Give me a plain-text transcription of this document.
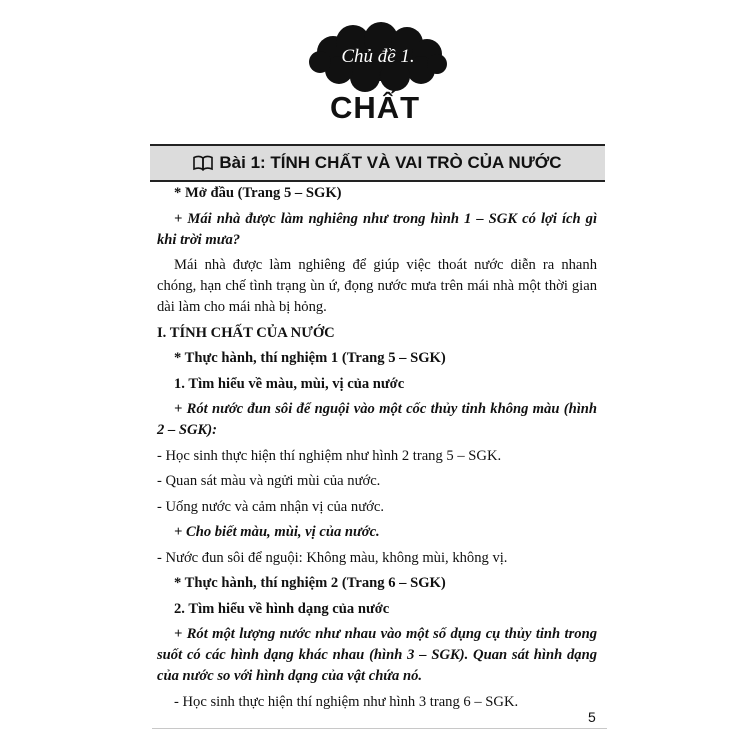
Chủ đề 1.
CHẤT
Bài 1: TÍNH CHẤT VÀ VAI TRÒ CỦA NƯỚC

* Mở đầu (Trang 5 – SGK)

+ Mái nhà được làm nghiêng như trong hình 1 – SGK có lợi ích gì khi trời mưa?

Mái nhà được làm nghiêng để giúp việc thoát nước diễn ra nhanh chóng, hạn chế tình trạng ùn ứ, đọng nước mưa trên mái nhà một thời gian dài làm cho mái nhà bị hỏng.

I. TÍNH CHẤT CỦA NƯỚC

* Thực hành, thí nghiệm 1 (Trang 5 – SGK)

1. Tìm hiểu về màu, mùi, vị của nước

+ Rót nước đun sôi để nguội vào một cốc thủy tinh không màu (hình 2 – SGK):

- Học sinh thực hiện thí nghiệm như hình 2 trang 5 – SGK.

- Quan sát màu và ngửi mùi của nước.

- Uống nước và cảm nhận vị của nước.

+ Cho biết màu, mùi, vị của nước.

- Nước đun sôi để nguội: Không màu, không mùi, không vị.

* Thực hành, thí nghiệm 2 (Trang 6 – SGK)

2. Tìm hiểu về hình dạng của nước

+ Rót một lượng nước như nhau vào một số dụng cụ thủy tinh trong suốt có các hình dạng khác nhau (hình 3 – SGK). Quan sát hình dạng của nước so với hình dạng của vật chứa nó.

- Học sinh thực hiện thí nghiệm như hình 3 trang 6 – SGK.

5
